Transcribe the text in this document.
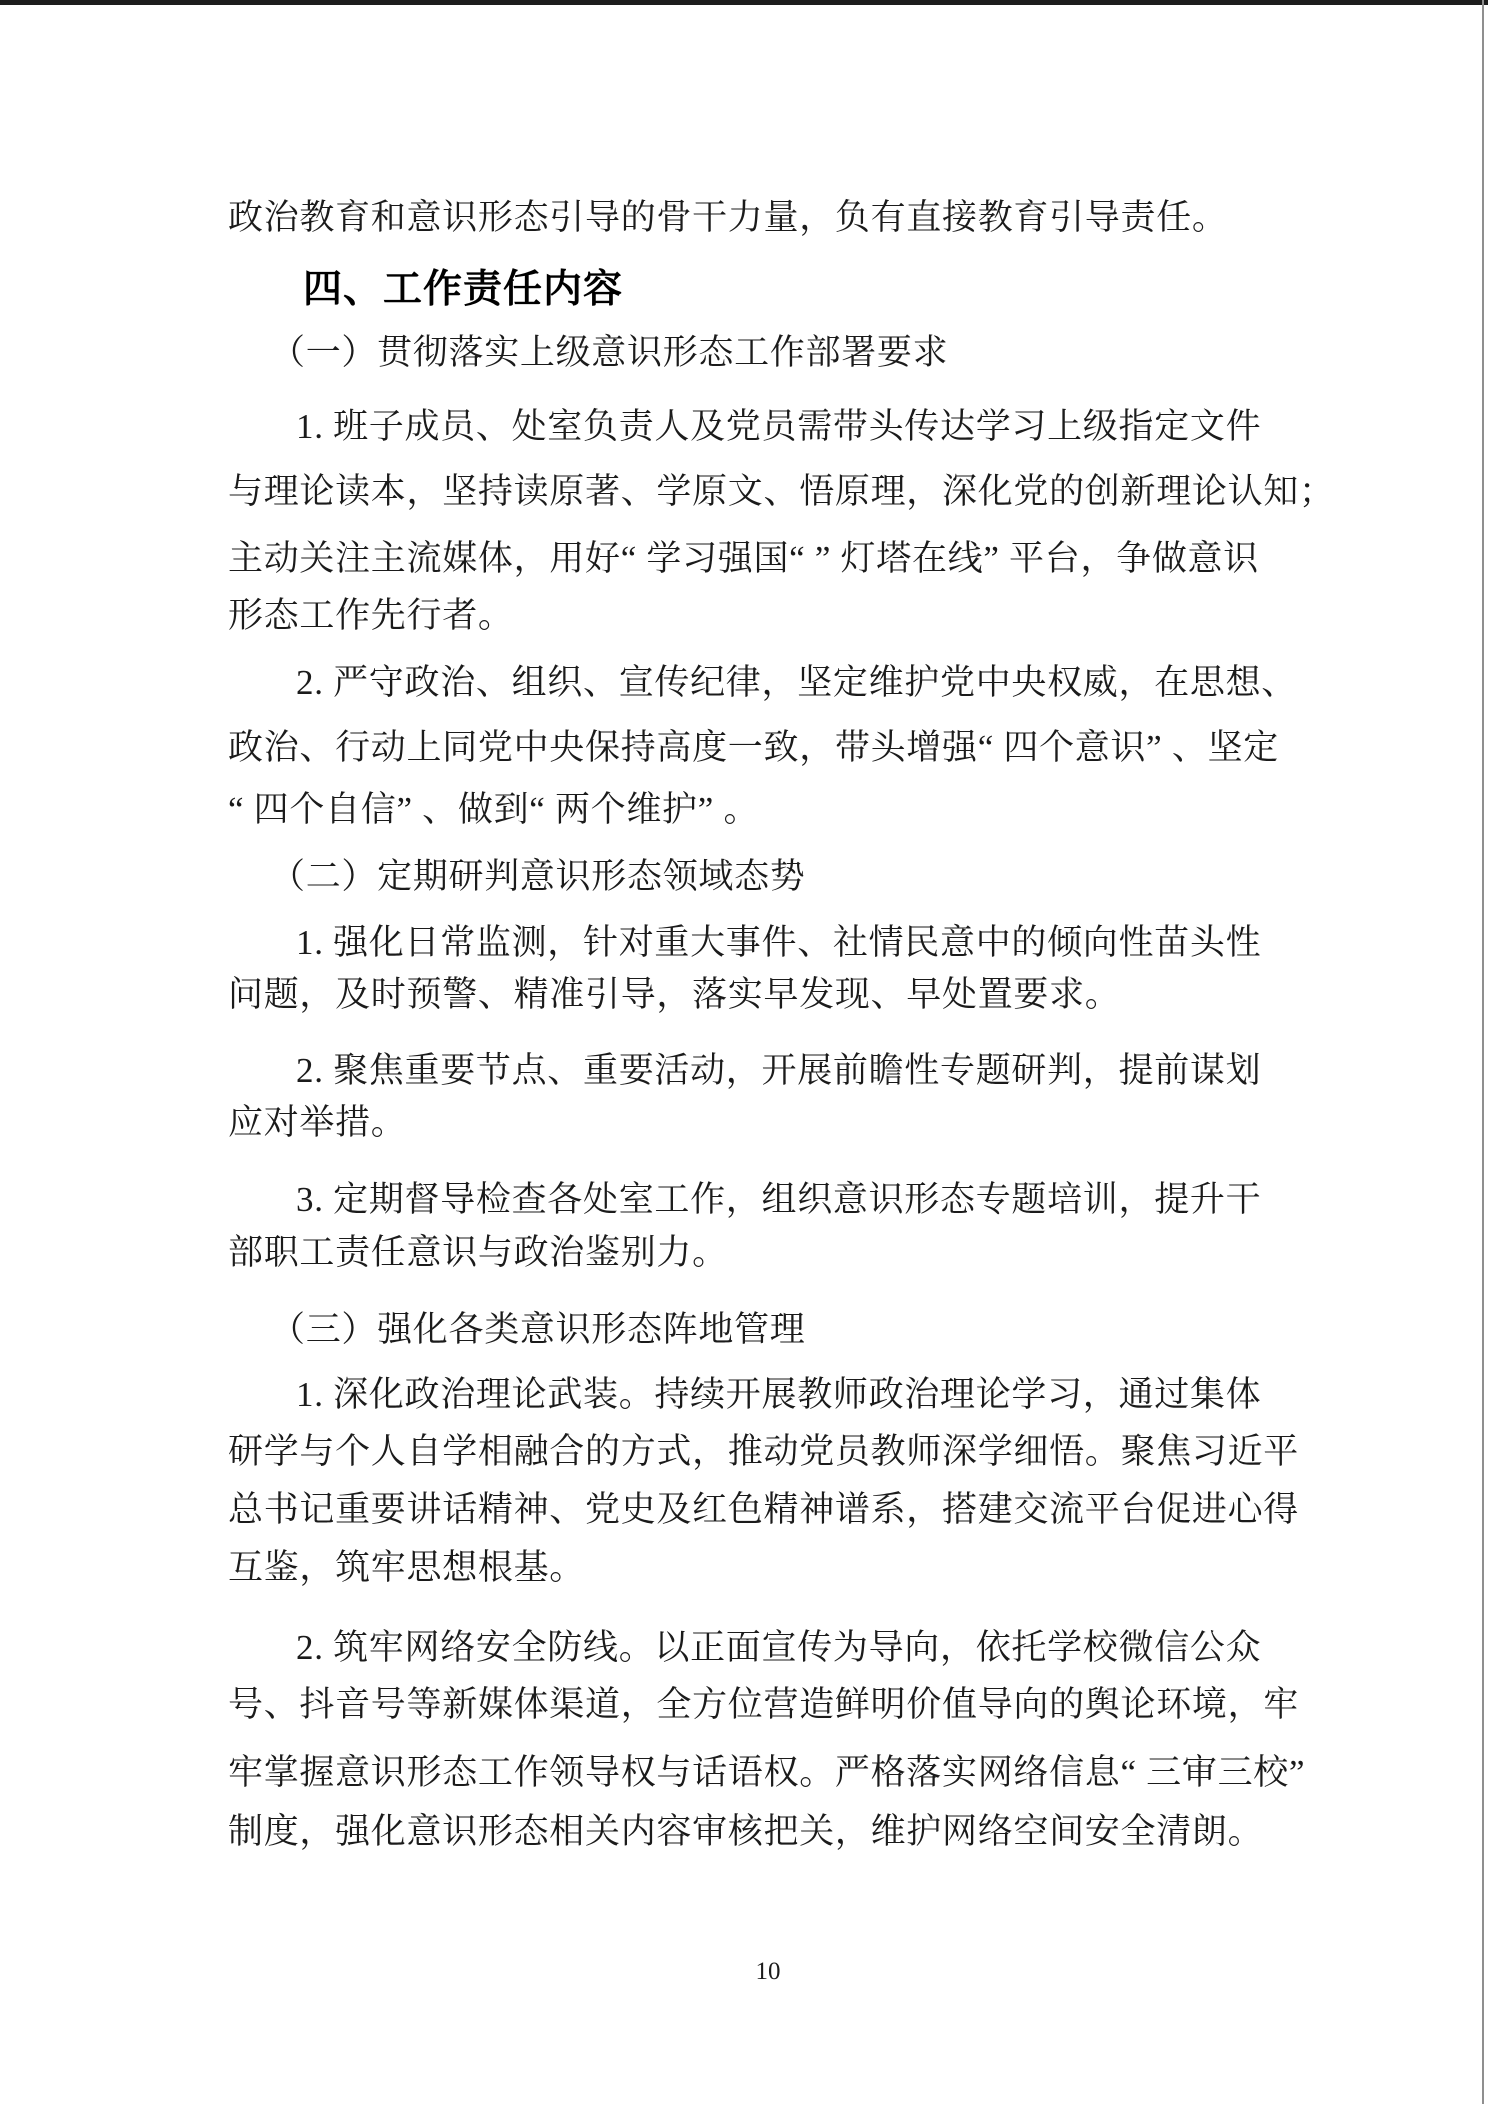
政治教育和意识形态引导的骨干力量，负有直接教育引导责任。
四、工作责任内容
（一）贯彻落实上级意识形态工作部署要求
1. 班子成员、处室负责人及党员需带头传达学习上级指定文件
与理论读本，坚持读原著、学原文、悟原理，深化党的创新理论认知；
主动关注主流媒体，用好“ 学习强国“ ” 灯塔在线” 平台，争做意识
形态工作先行者。
2. 严守政治、组织、宣传纪律，坚定维护党中央权威，在思想、
政治、行动上同党中央保持高度一致，带头增强“ 四个意识” 、坚定
“ 四个自信” 、做到“ 两个维护” 。
（二）定期研判意识形态领域态势
1. 强化日常监测，针对重大事件、社情民意中的倾向性苗头性
问题，及时预警、精准引导，落实早发现、早处置要求。
2. 聚焦重要节点、重要活动，开展前瞻性专题研判，提前谋划
应对举措。
3. 定期督导检查各处室工作，组织意识形态专题培训，提升干
部职工责任意识与政治鉴别力。
（三）强化各类意识形态阵地管理
1. 深化政治理论武装。持续开展教师政治理论学习，通过集体
研学与个人自学相融合的方式，推动党员教师深学细悟。聚焦习近平
总书记重要讲话精神、党史及红色精神谱系，搭建交流平台促进心得
互鉴，筑牢思想根基。
2. 筑牢网络安全防线。以正面宣传为导向，依托学校微信公众
号、抖音号等新媒体渠道，全方位营造鲜明价值导向的舆论环境，牢
牢掌握意识形态工作领导权与话语权。严格落实网络信息“ 三审三校”
制度，强化意识形态相关内容审核把关，维护网络空间安全清朗。
10
